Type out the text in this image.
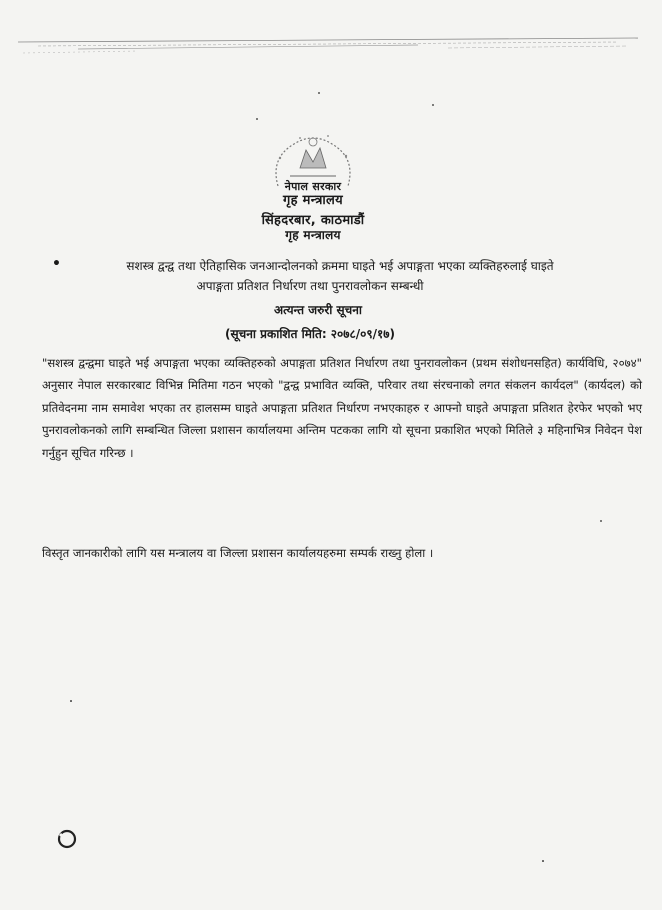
नेपाल सरकार
गृह मन्त्रालय
सिंहदरबार, काठमाडौं
गृह मन्त्रालय
•	सशस्त्र द्वन्द्व तथा ऐतिहासिक जनआन्दोलनको क्रममा घाइते भई अपाङ्गता भएका व्यक्तिहरुलाई घाइते
अपाङ्गता प्रतिशत निर्धारण तथा पुनरावलोकन सम्बन्धी
अत्यन्त जरुरी सूचना
(सूचना प्रकाशित मिति: २०७८/०९/१७)
"सशस्त्र द्वन्द्वमा घाइते भई अपाङ्गता भएका व्यक्तिहरुको अपाङ्गता प्रतिशत निर्धारण तथा पुनरावलोकन (प्रथम संशोधनसहित) कार्यविधि, २०७४" अनुसार नेपाल सरकारबाट विभिन्न मितिमा गठन भएको "द्वन्द्व प्रभावित व्यक्ति, परिवार तथा संरचनाको लगत संकलन कार्यदल" (कार्यदल) को प्रतिवेदनमा नाम समावेश भएका तर हालसम्म घाइते अपाङ्गता प्रतिशत निर्धारण नभएकाहरु र आफ्नो घाइते अपाङ्गता प्रतिशत हेरफेर भएको भए पुनरावलोकनको लागि सम्बन्धित जिल्ला प्रशासन कार्यालयमा अन्तिम पटकका लागि यो सूचना प्रकाशित भएको मितिले ३ महिनाभित्र निवेदन पेश गर्नुहुन सूचित गरिन्छ ।
विस्तृत जानकारीको लागि यस मन्त्रालय वा जिल्ला प्रशासन कार्यालयहरुमा सम्पर्क राख्नु होला ।
